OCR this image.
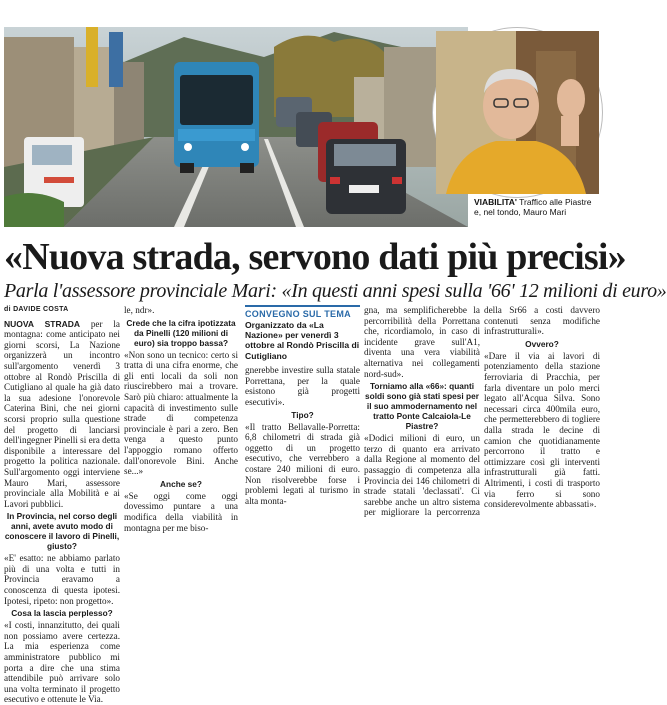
VIABILITA' Traffico alle Piastre e, nel tondo, Mauro Mari
«Nuova strada, servono dati più precisi»
Parla l'assessore provinciale Mari: «In questi anni spesi sulla '66' 12 milioni di euro»
di DAVIDE COSTA

NUOVA STRADA per la montagna: come anticipato nei giorni scorsi, La Nazione organizzerà un incontro sull'argomento venerdì 3 ottobre al Rondò Priscilla di Cutigliano al quale ha già dato la sua adesione l'onorevole Caterina Bini, che nei giorni scorsi proprio sulla questione del progetto di lanciarsi dell'ingegner Pinelli si era detta disponibile a interessare del progetto la politica nazionale. Sull'argomento oggi interviene Mauro Mari, assessore provinciale alla Mobilità e ai Lavori pubblici.

In Provincia, nel corso degli anni, avete avuto modo di conoscere il lavoro di Pinelli, giusto?

«E' esatto: ne abbiamo parlato più di una volta e tutti in Provincia eravamo a conoscenza di questa ipotesi. Ipotesi, ripeto: non progetto».

Cosa la lascia perplesso?

«I costi, innanzitutto, dei quali non possiamo avere certezza. La mia esperienza come amministratore pubblico mi porta a dire che una stima attendibile può arrivare solo una volta terminato il progetto esecutivo e ottenute le Via.

le, ndr».

Crede che la cifra ipotizzata da Pinelli (120 milioni di euro) sia troppo bassa?

«Non sono un tecnico: certo si tratta di una cifra enorme, che gli enti locali da soli non riuscirebbero mai a trovare. Sarò più chiaro: attualmente la capacità di investimento sulle strade di competenza provinciale è pari a zero. Ben venga a questo punto l'appoggio romano offerto dall'onorevole Bini. Anche se...»

Anche se?

«Se oggi come oggi dovessimo puntare a una modifica della viabilità in montagna per me biso-

CONVEGNO SUL TEMA
Organizzato da «La Nazione» per venerdì 3 ottobre al Rondò Priscilla di Cutigliano

gnerebbe investire sulla statale Porrettana, per la quale esistono già progetti esecutivi».

Tipo?

«Il tratto Bellavalle-Porretta: 6,8 chilometri di strada già oggetto di un progetto esecutivo, che verrebbero a costare 240 milioni di euro. Non risolverebbe forse i problemi legati al turismo in alta monta-

gna, ma semplificherebbe la percorribilità della Porrettana che, ricordiamolo, in caso di incidente grave sull'A1, diventa una vera viabilità alternativa nei collegamenti nord-sud».

Torniamo alla «66»: quanti soldi sono già stati spesi per il suo ammodernamento nel tratto Ponte Calcaiola-Le Piastre?

«Dodici milioni di euro, un terzo di quanto era arrivato dalla Regione al momento del passaggio di competenza alla Provincia dei 146 chilometri di strade statali 'declassati'. Ci sarebbe anche un altro sistema per migliorare la percorrenza della Sr66 a costi davvero contenuti senza modifiche infrastrutturali».

Ovvero?

«Dare il via ai lavori di potenziamento della stazione ferroviaria di Pracchia, per farla diventare un polo merci legato all'Acqua Silva. Sono necessari circa 400mila euro, che permetterebbero di togliere dalla strada le decine di camion che quotidianamente percorrono il tratto e ottimizzare così gli interventi infrastrutturali già fatti. Altrimenti, i costi di trasporto via ferro si sono considerevolmente abbassati».
